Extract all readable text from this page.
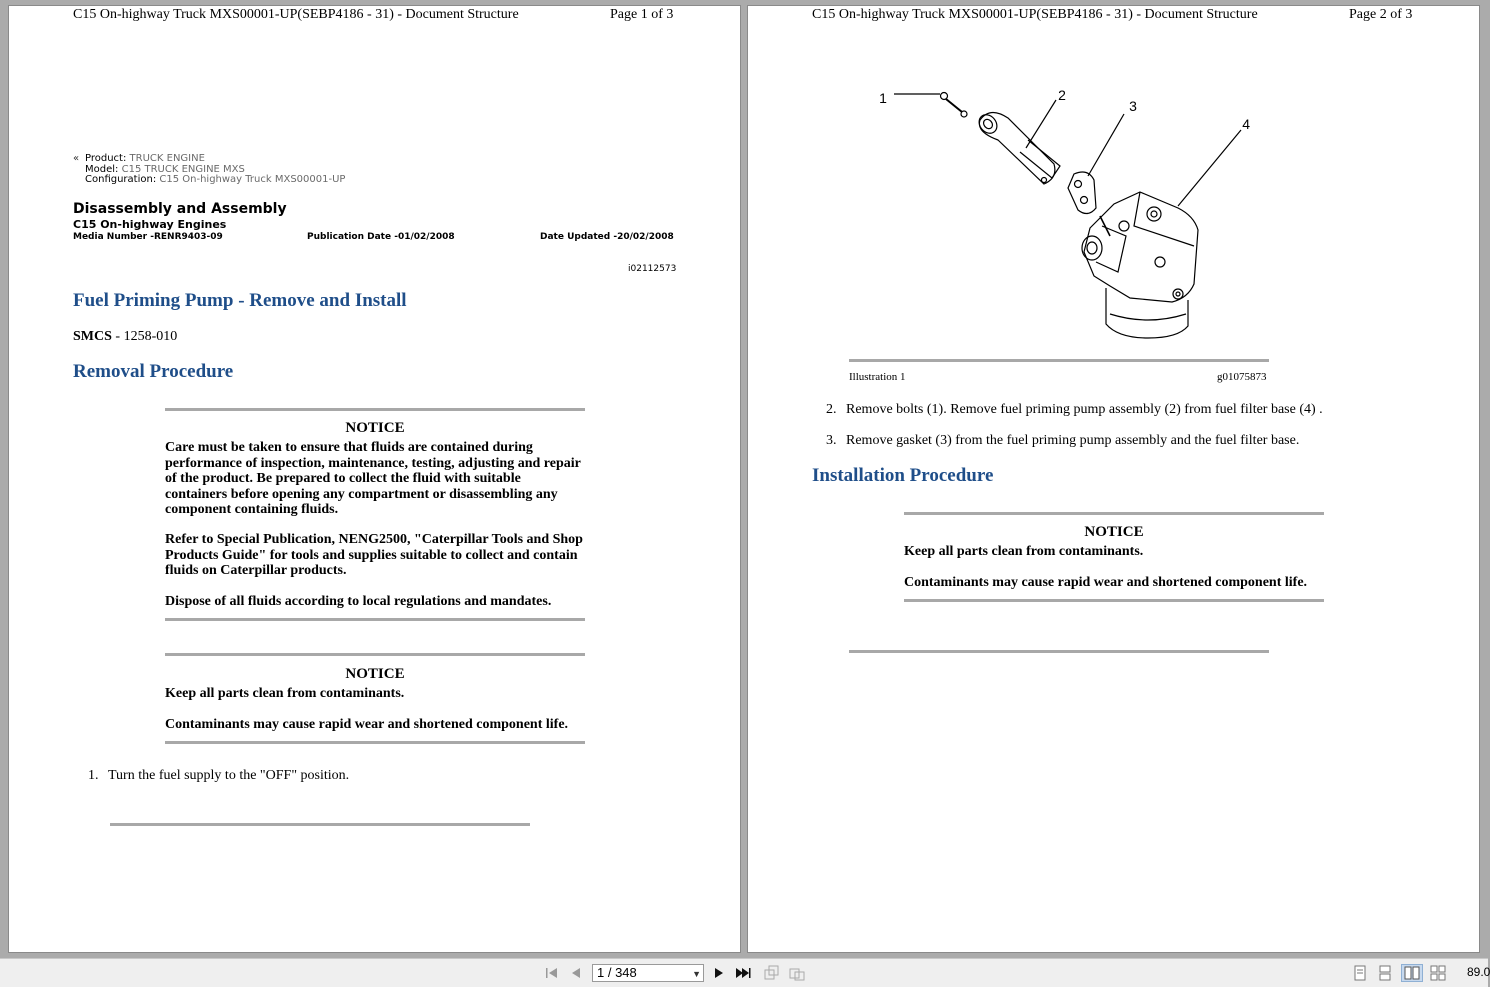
C15 On-highway Truck MXS00001-UP(SEBP4186 - 31) - Document Structure	Page 1 of 3
« Product: TRUCK ENGINE
Model: C15 TRUCK ENGINE MXS
Configuration: C15 On-highway Truck MXS00001-UP
Disassembly and Assembly
C15 On-highway Engines
Media Number -RENR9403-09	Publication Date -01/02/2008	Date Updated -20/02/2008
i02112573
Fuel Priming Pump - Remove and Install
SMCS - 1258-010
Removal Procedure
NOTICE
Care must be taken to ensure that fluids are contained during performance of inspection, maintenance, testing, adjusting and repair of the product. Be prepared to collect the fluid with suitable containers before opening any compartment or disassembling any component containing fluids.
Refer to Special Publication, NENG2500, "Caterpillar Tools and Shop Products Guide" for tools and supplies suitable to collect and contain fluids on Caterpillar products.
Dispose of all fluids according to local regulations and mandates.
NOTICE
Keep all parts clean from contaminants.
Contaminants may cause rapid wear and shortened component life.
1. Turn the fuel supply to the "OFF" position.
C15 On-highway Truck MXS00001-UP(SEBP4186 - 31) - Document Structure	Page 2 of 3
1	2
3
4
Illustration 1	g01075873
2. Remove bolts (1). Remove fuel priming pump assembly (2) from fuel filter base (4) .
3. Remove gasket (3) from the fuel priming pump assembly and the fuel filter base.
Installation Procedure
NOTICE
Keep all parts clean from contaminants.
Contaminants may cause rapid wear and shortened component life.
1 / 348	▼	89.0
